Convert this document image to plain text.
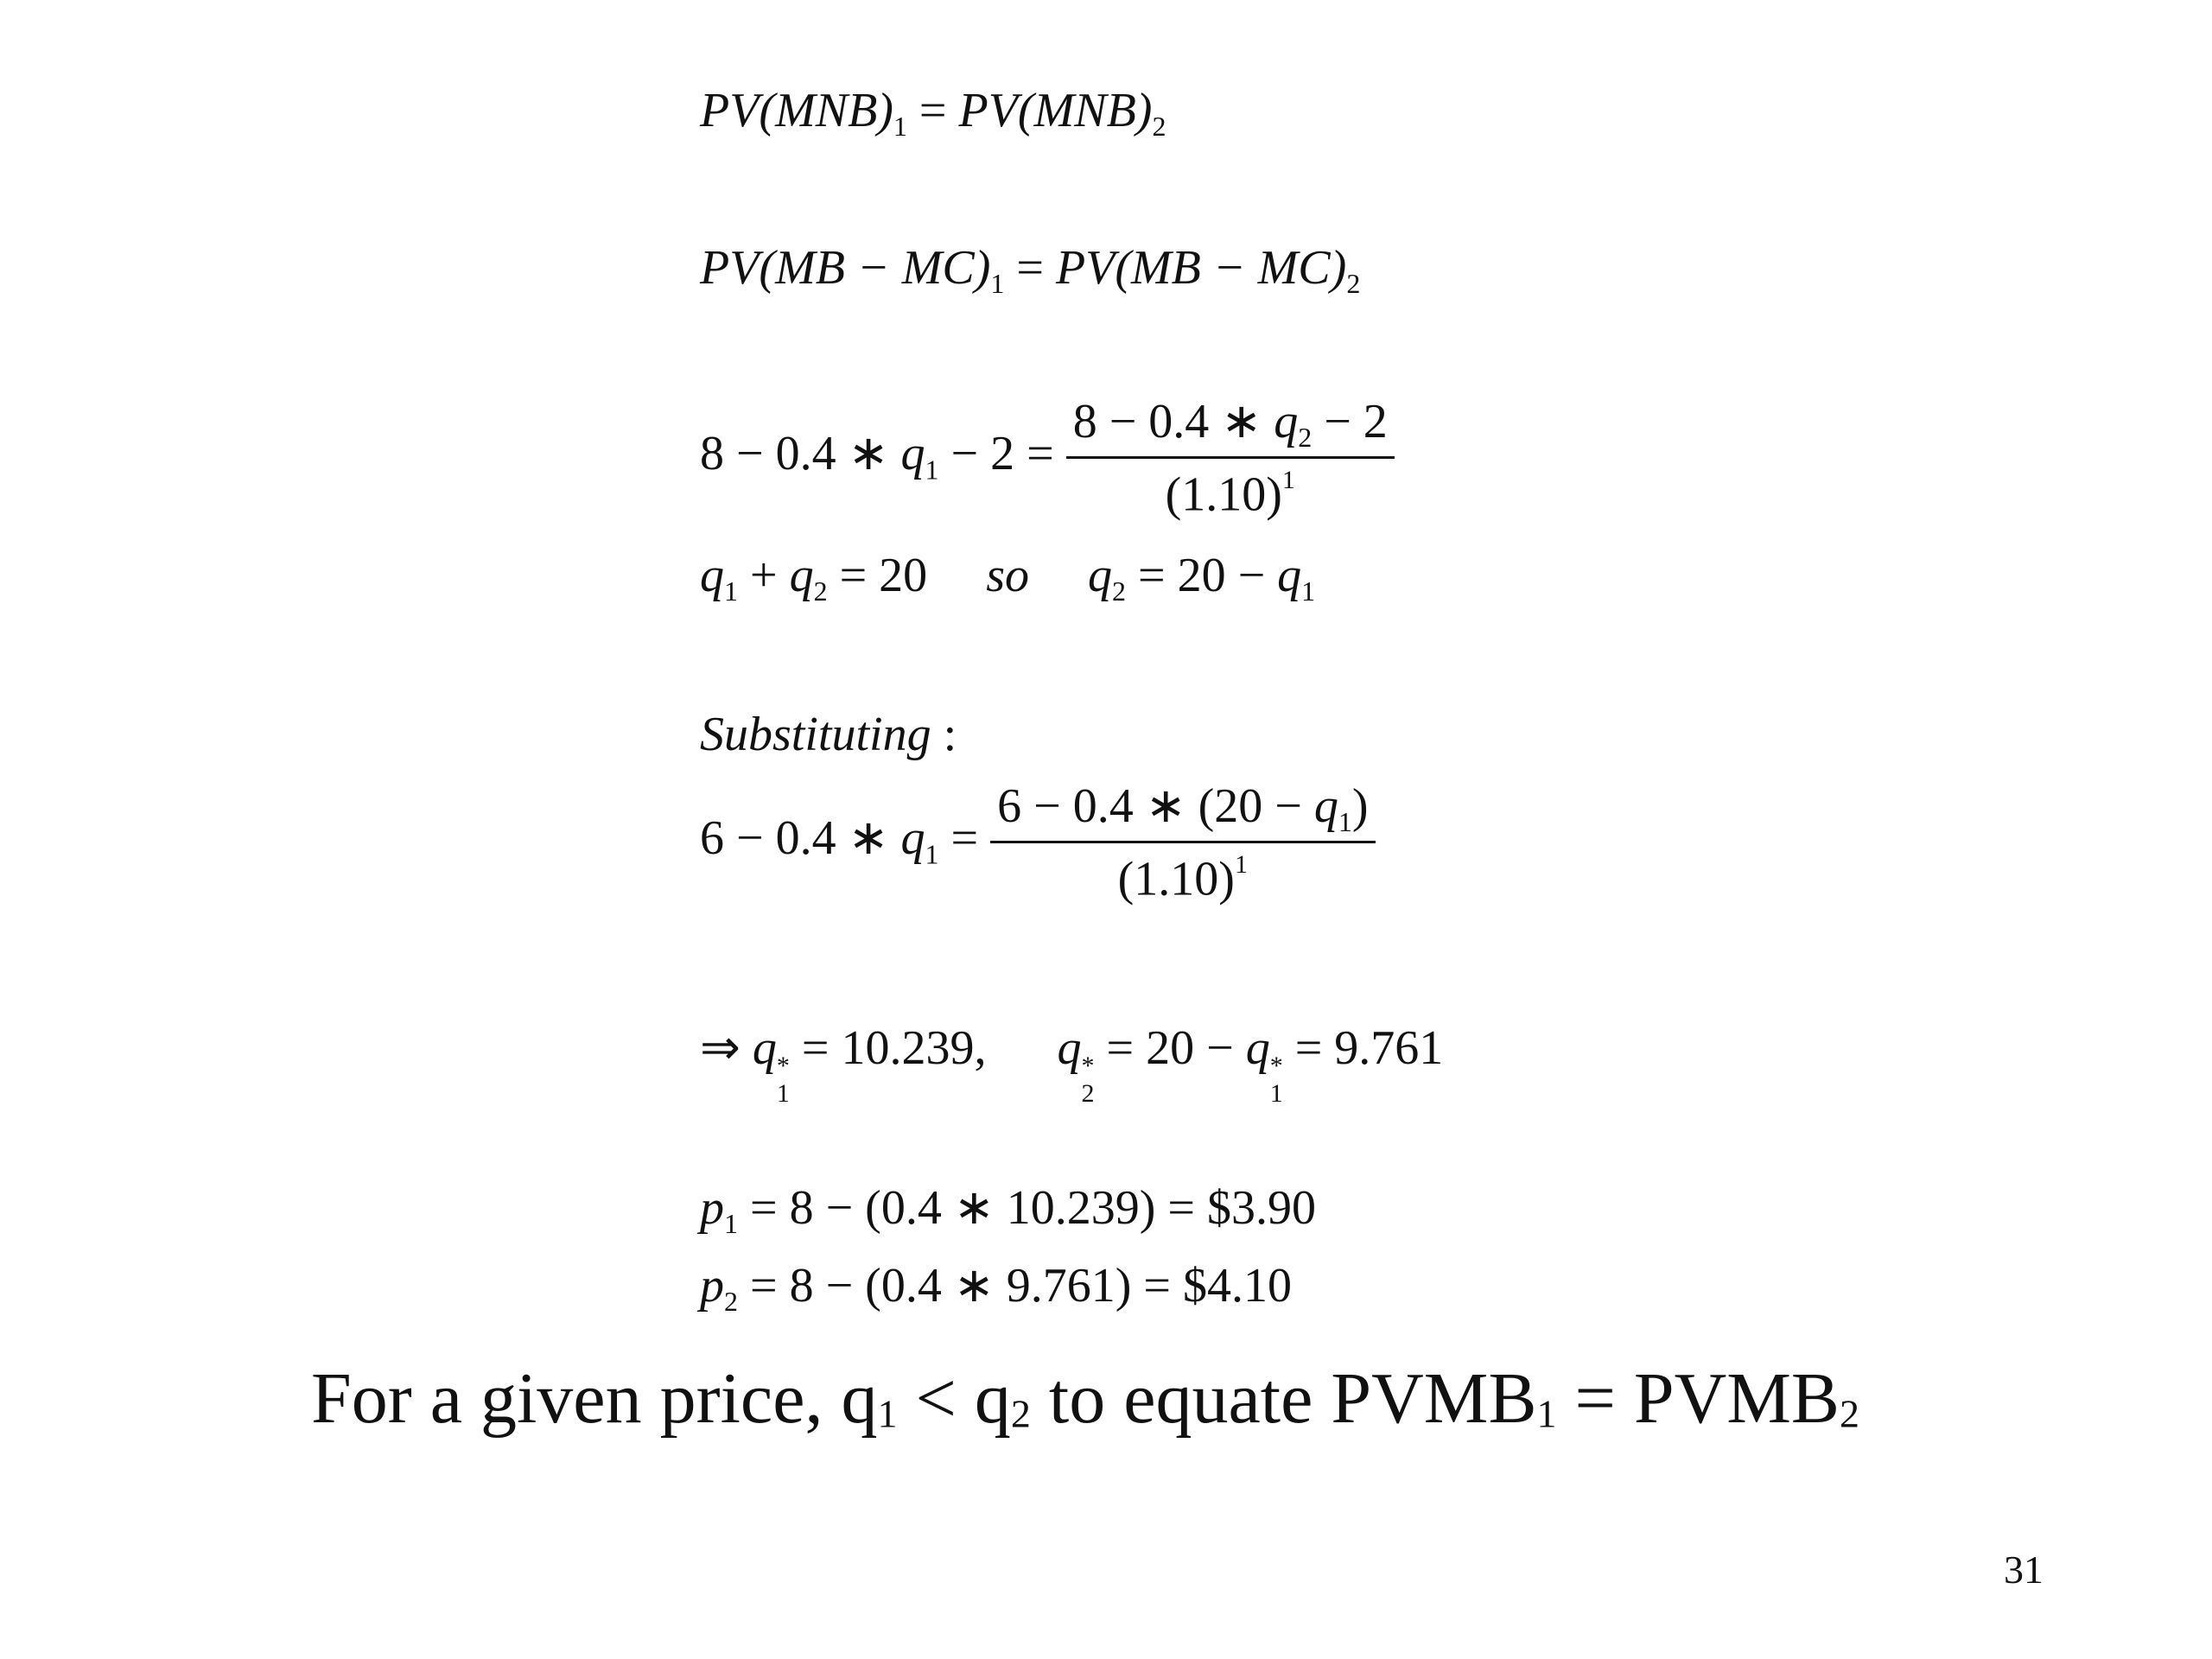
$PV(MNB)_1 = PV(MNB)_2$
$PV(MB - MC)_1 = PV(MB - MC)_2$
8 − 0.4 ∗ $q_1 - 2 = \frac{8 - 0.4 ∗ q_2 - 2}{(1.10)^1}$
$q_1 + q_2 = 20$ so $q_2 = 20 - q_1$
Substituting :
6 − 0.4 ∗ $q_1 = \frac{6 - 0.4 ∗ (20 - q_1)}{(1.10)^1}$
⇒ q *
1
= 10.239, q *
2
= 20 − q *
1
= 9.761
$p_1 = 8 - (0.4$ ∗ 10.239) = $3.90
$p_2 = 8 - (0.4$ ∗ 9.761) = $4.10
For a given price, q1 < q2 to equate PVMB1 = PVMB2
31
